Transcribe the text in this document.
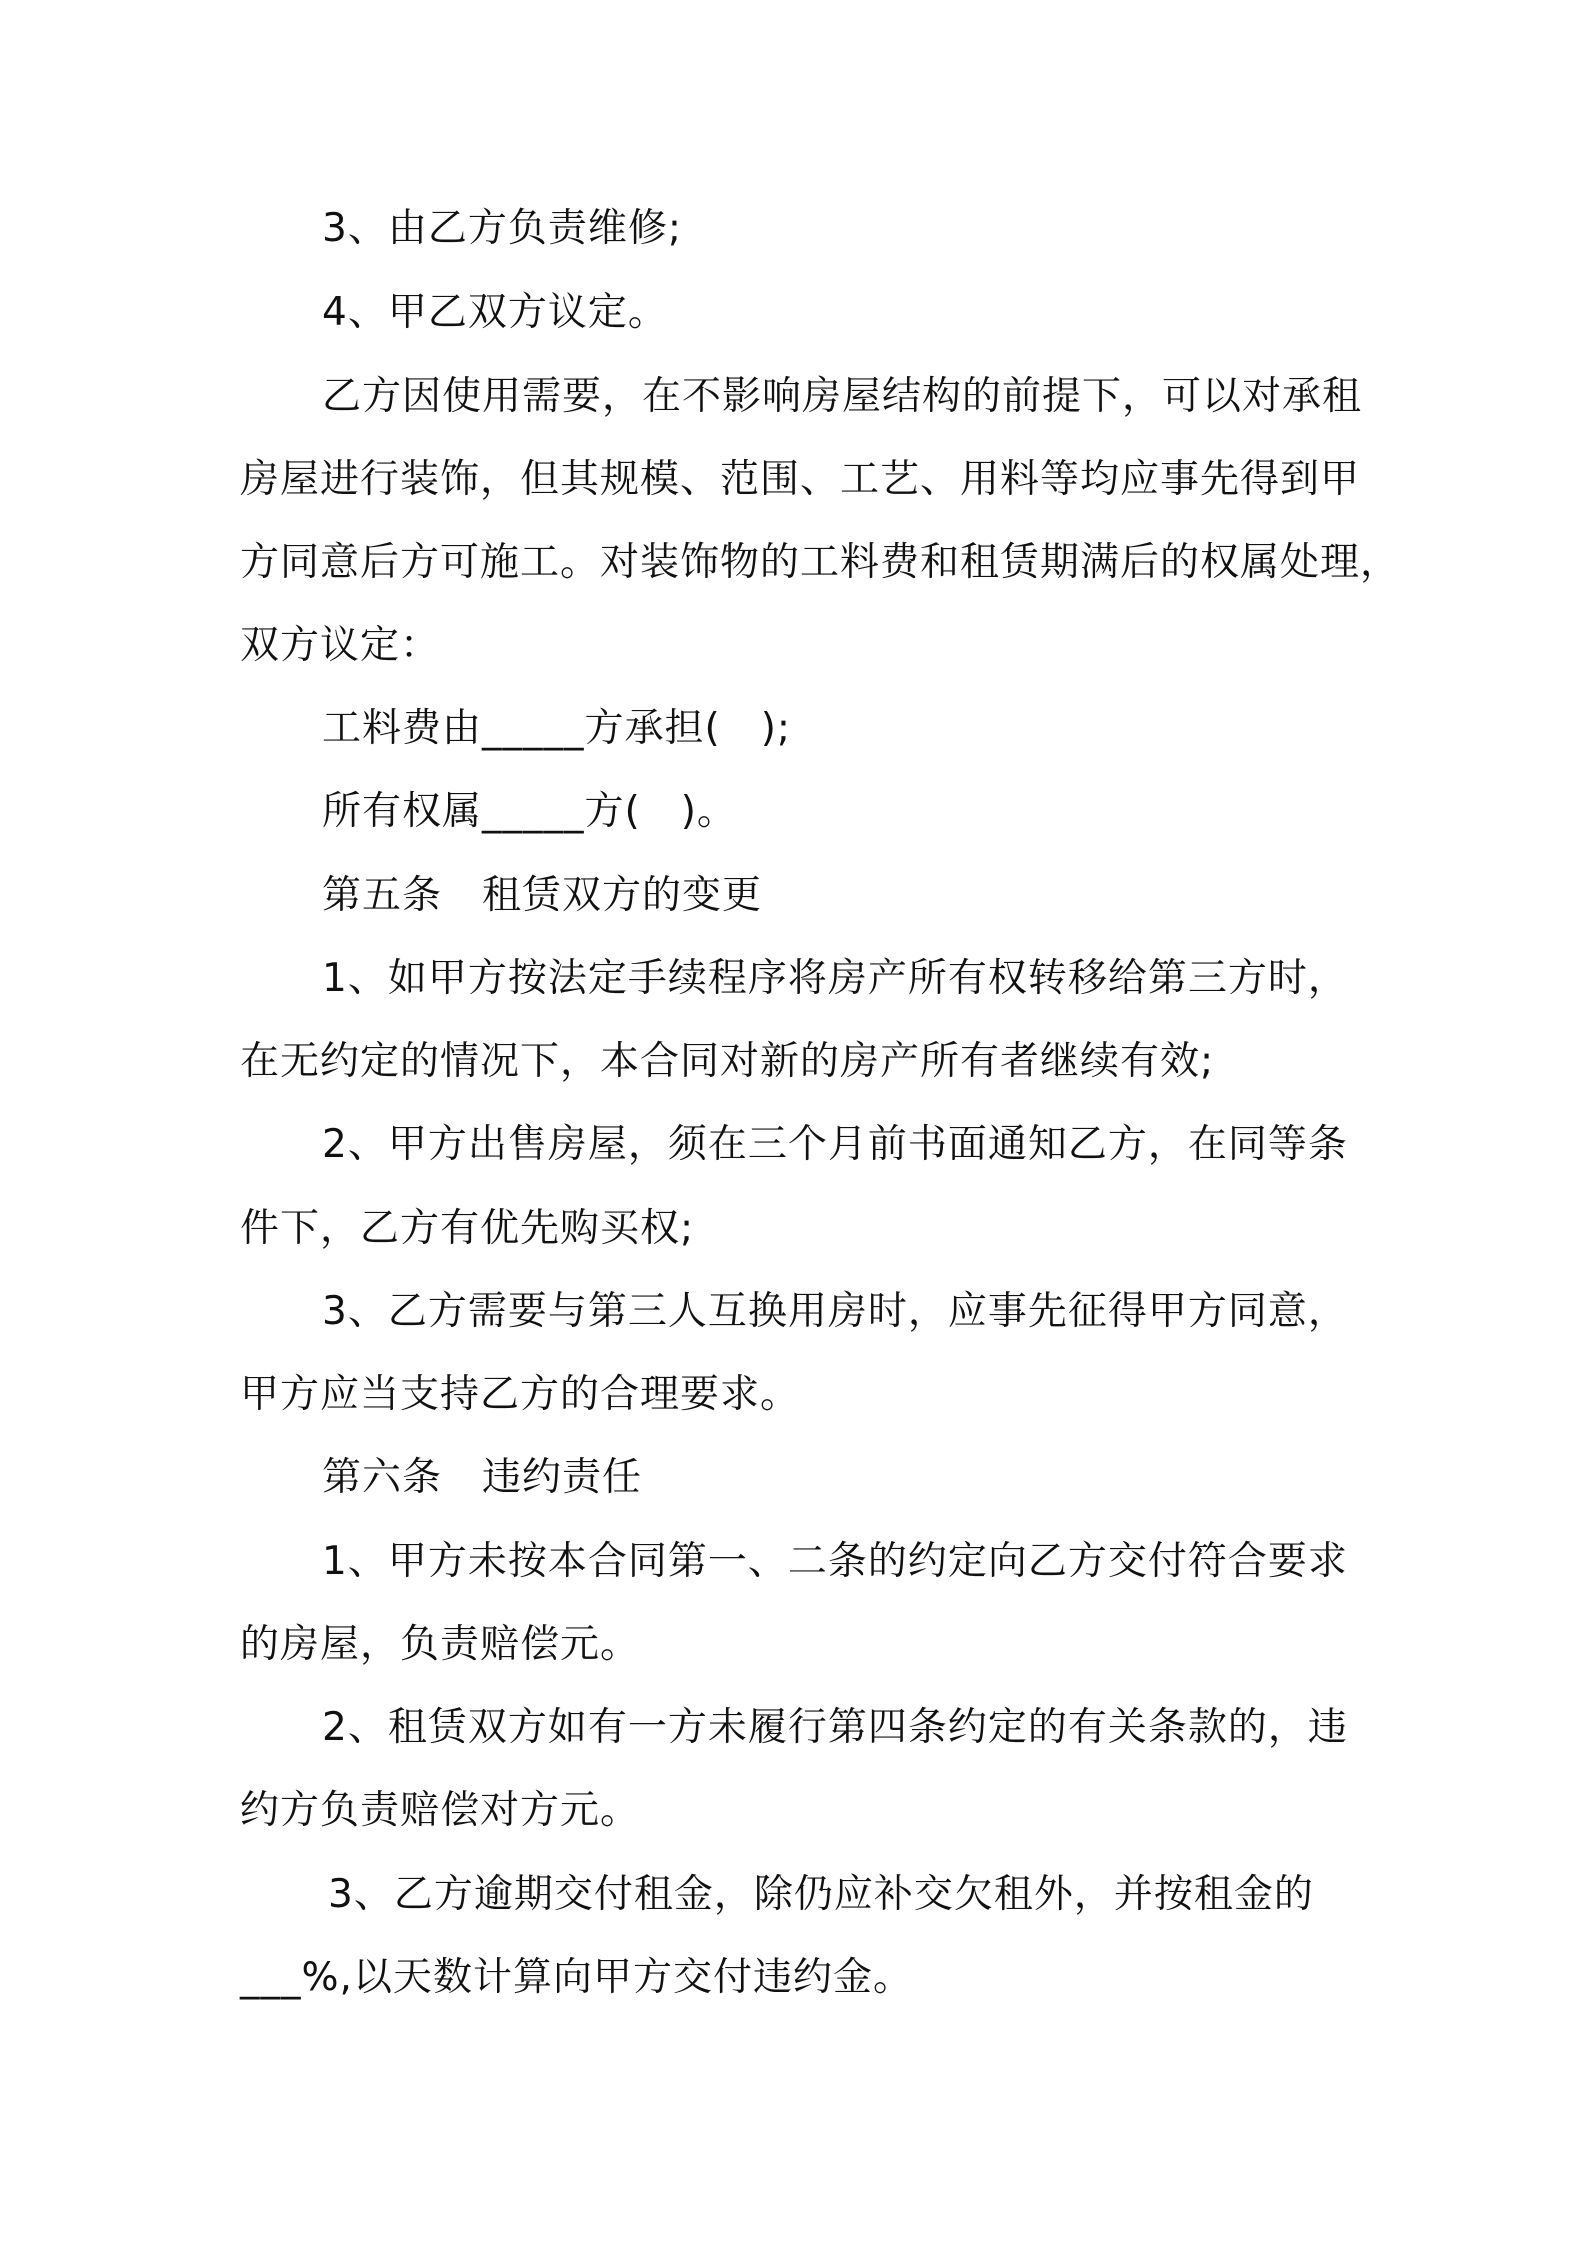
3、由乙方负责维修;
4、甲乙双方议定。
乙方因使用需要，在不影响房屋结构的前提下，可以对承租
房屋进行装饰，但其规模、范围、工艺、用料等均应事先得到甲
方同意后方可施工。对装饰物的工料费和租赁期满后的权属处理，
双方议定：
工料费由_____方承担(　);
所有权属_____方(　)。
第五条　租赁双方的变更
1、如甲方按法定手续程序将房产所有权转移给第三方时，
在无约定的情况下，本合同对新的房产所有者继续有效;
2、甲方出售房屋，须在三个月前书面通知乙方，在同等条
件下，乙方有优先购买权;
3、乙方需要与第三人互换用房时，应事先征得甲方同意，
甲方应当支持乙方的合理要求。
第六条　违约责任
1、甲方未按本合同第一、二条的约定向乙方交付符合要求
的房屋，负责赔偿元。
2、租赁双方如有一方未履行第四条约定的有关条款的，违
约方负责赔偿对方元。
3、乙方逾期交付租金，除仍应补交欠租外，并按租金的
___%,以天数计算向甲方交付违约金。
